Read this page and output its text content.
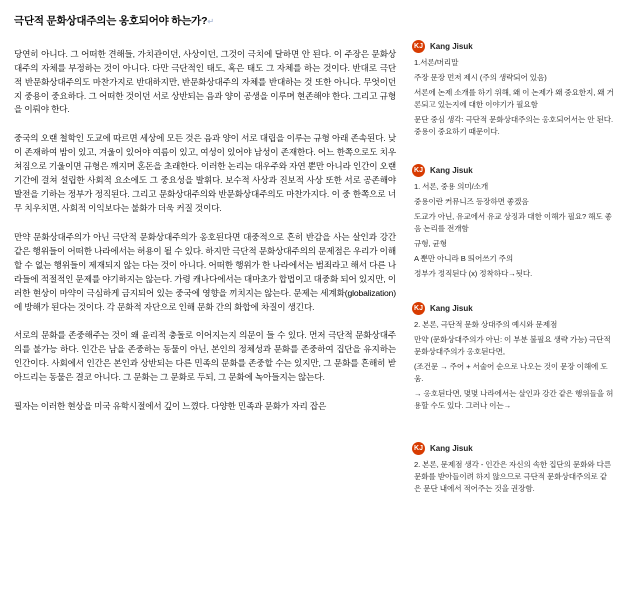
극단적 문화상대주의는 옹호되어야 하는가?↵

당연히 아니다. 그 어떠한 견해들, 가치관이던, 사상이던, 그것이 극치에 달하면 안 된다. 이 주장은 문화상대주의 자체를 부정하는 것이 아니다. 다만 극단적인 태도, 혹은 태도 그 자체를 하는 것이다. 반대로 극단적 반문화상대주의도 마찬가지로 반대하지만, 반문화상대주의 자체를 반대하는 것 또한 아니다. 무엇이던지 중용이 중요하다. 그 어떠한 것이던 서로 상반되는 음과 양이 공생을 이루며 현존해야 한다. 그리고 규형을 이뤄야 한다.

중국의 오랜 철학인 도교에 따르면 세상에 모든 것은 음과 양이 서로 대립을 이루는 규형 아래 존속된다. 낮이 존재하여 밤이 있고, 겨울이 있어야 여름이 있고, 여성이 있어야 남성이 존재한다. 어느 한쪽으로도 치우쳐짐으로 기울이면 규형은 깨지며 혼돈을 초래한다. 이러한 논리는 대우주와 자연 뿐만 아니라 인간이 오랜 기간에 걸쳐 설립한 사회적 요소에도 그 중요성을 발휘다. 보수적 사상과 진보적 사상 또한 서로 공존해야 발전을 기하는 정부가 정직된다. 그리고 문화상대주의와 반문화상대주의도 마찬가지다. 이 중 한쪽으로 너무 치우치면, 사회적 이익보다는 불화가 더욱 커질 것이다.

만약 문화상대주의가 아닌 극단적 문화상대주의가 옹호된다면 대중적으로 흔히 반감을 사는 살인과 강간 같은 행위들이 어떠한 나라에서는 허용이 될 수 있다. 하지만 극단적 문화상대주의의 문제점은 우리가 이해할 수 없는 행위들이 제재되지 않는 다는 것이 아니다. 어떠한 행위가 한 나라에서는 범죄라고 해서 다른 나라들에 적절적인 문제를 야기하지는 않는다. 가령 캐나다에서는 대마초가 합법이고 대중화 되어 있지만, 이러한 현상이 마약이 극심하게 금지되어 있는 중국에 영향을 끼치지는 않는다. 문제는 세계화(globalization)에 방해가 된다는 것이다. 각 문화적 자단으로 인해 문화 간의 화합에 차질이 생긴다.

서로의 문화를 존중해주는 것이 왜 윤리적 충돌로 이어지는지 의문이 들 수 있다. 먼저 극단적 문화상대주의를 불가능 하다. 인간은 남을 존중하는 동물이 아닌, 본인의 정체성과 문화를 존중하여 집단을 유지하는 인간이다. 사회에서 인간은 본인과 상반되는 다른 민족의 문화를 존중할 수는 있지만, 그 문화를 흔해히 받아드리는 동물은 결코 아니다. 그 문화는 그 문화로 두되, 그 문화에 녹아들지는 않는다.

필자는 이러한 현상을 미국 유학시절에서 깊이 느꼈다. 다양한 민족과 문화가 자리 잡은

KJ Kang Jisuk

1.서론/머리말

주장 문장 먼저 제시 (주의 생략되어 있음)

서론에 논제 소개를 하기 위해, 왜 이 논제가 왜 중요한지, 왜 거론되고 있는지에 대한 이야기가 필요함

문단 중심 생각: 극단적 문화상대주의는 옹호되어서는 안 된다. 중용이 중요하기 때문이다.

KJ Kang Jisuk

1. 서론, 중용 의미/소개

중용이란 커뮤니즈 등장하면 좋겠음

도교가 아닌, 유교에서 유교 상징과 대한 이해가 필요? 해도 좋음 논리를 전개함

규형, 균형

A 뿐만 아니라 B 띄어쓰기 주의

정부가 정직된다 (x) 정착하다→됫다.

KJ Kang Jisuk

2. 본론, 극단적 문화 상대주의 예시와 문제점

만약 (문화상대주의가 아닌: 이 부분 불필요 생략 가능) 극단적 문화상대주의가 옹호된다면,

(조건문 → 주어 + 서술어 순으로 나오는 것이 문장 이해에 도움.

→ 옹호된다면, 몇몇 나라에서는 살인과 강간 같은 행위들을 허용할 수도 있다. 그러나 이는→

KJ Kang Jisuk

2. 본론, 문제점 생각 - 인간은 자신의 속한 집단의 문화와 다른 문화를 받아들이려 하지 않으므로 극단적 문화상대주의로 같은 문단 내에서 적어주는 것을 권장함.
